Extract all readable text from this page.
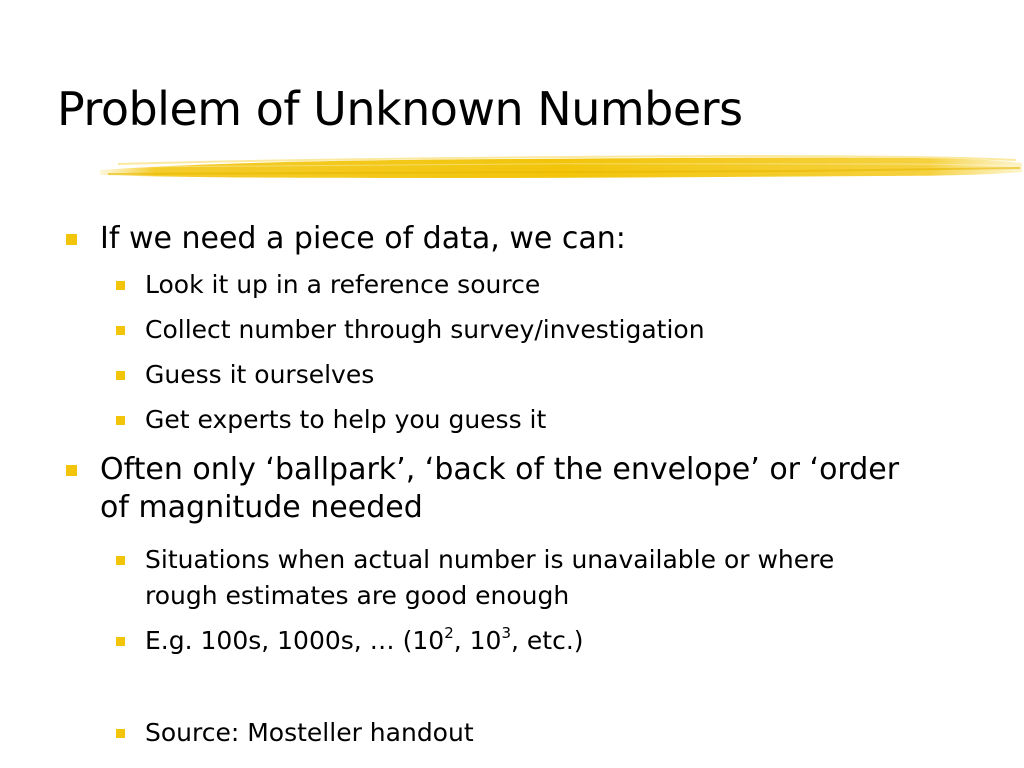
Problem of Unknown Numbers
If we need a piece of data, we can:
Look it up in a reference source
Collect number through survey/investigation
Guess it ourselves
Get experts to help you guess it
Often only ‘ballpark’, ‘back of the envelope’ or ‘order of magnitude needed
Situations when actual number is unavailable or where rough estimates are good enough
E.g. 100s, 1000s, … ($10^2$, $10^3$, etc.)
Source: Mosteller handout
